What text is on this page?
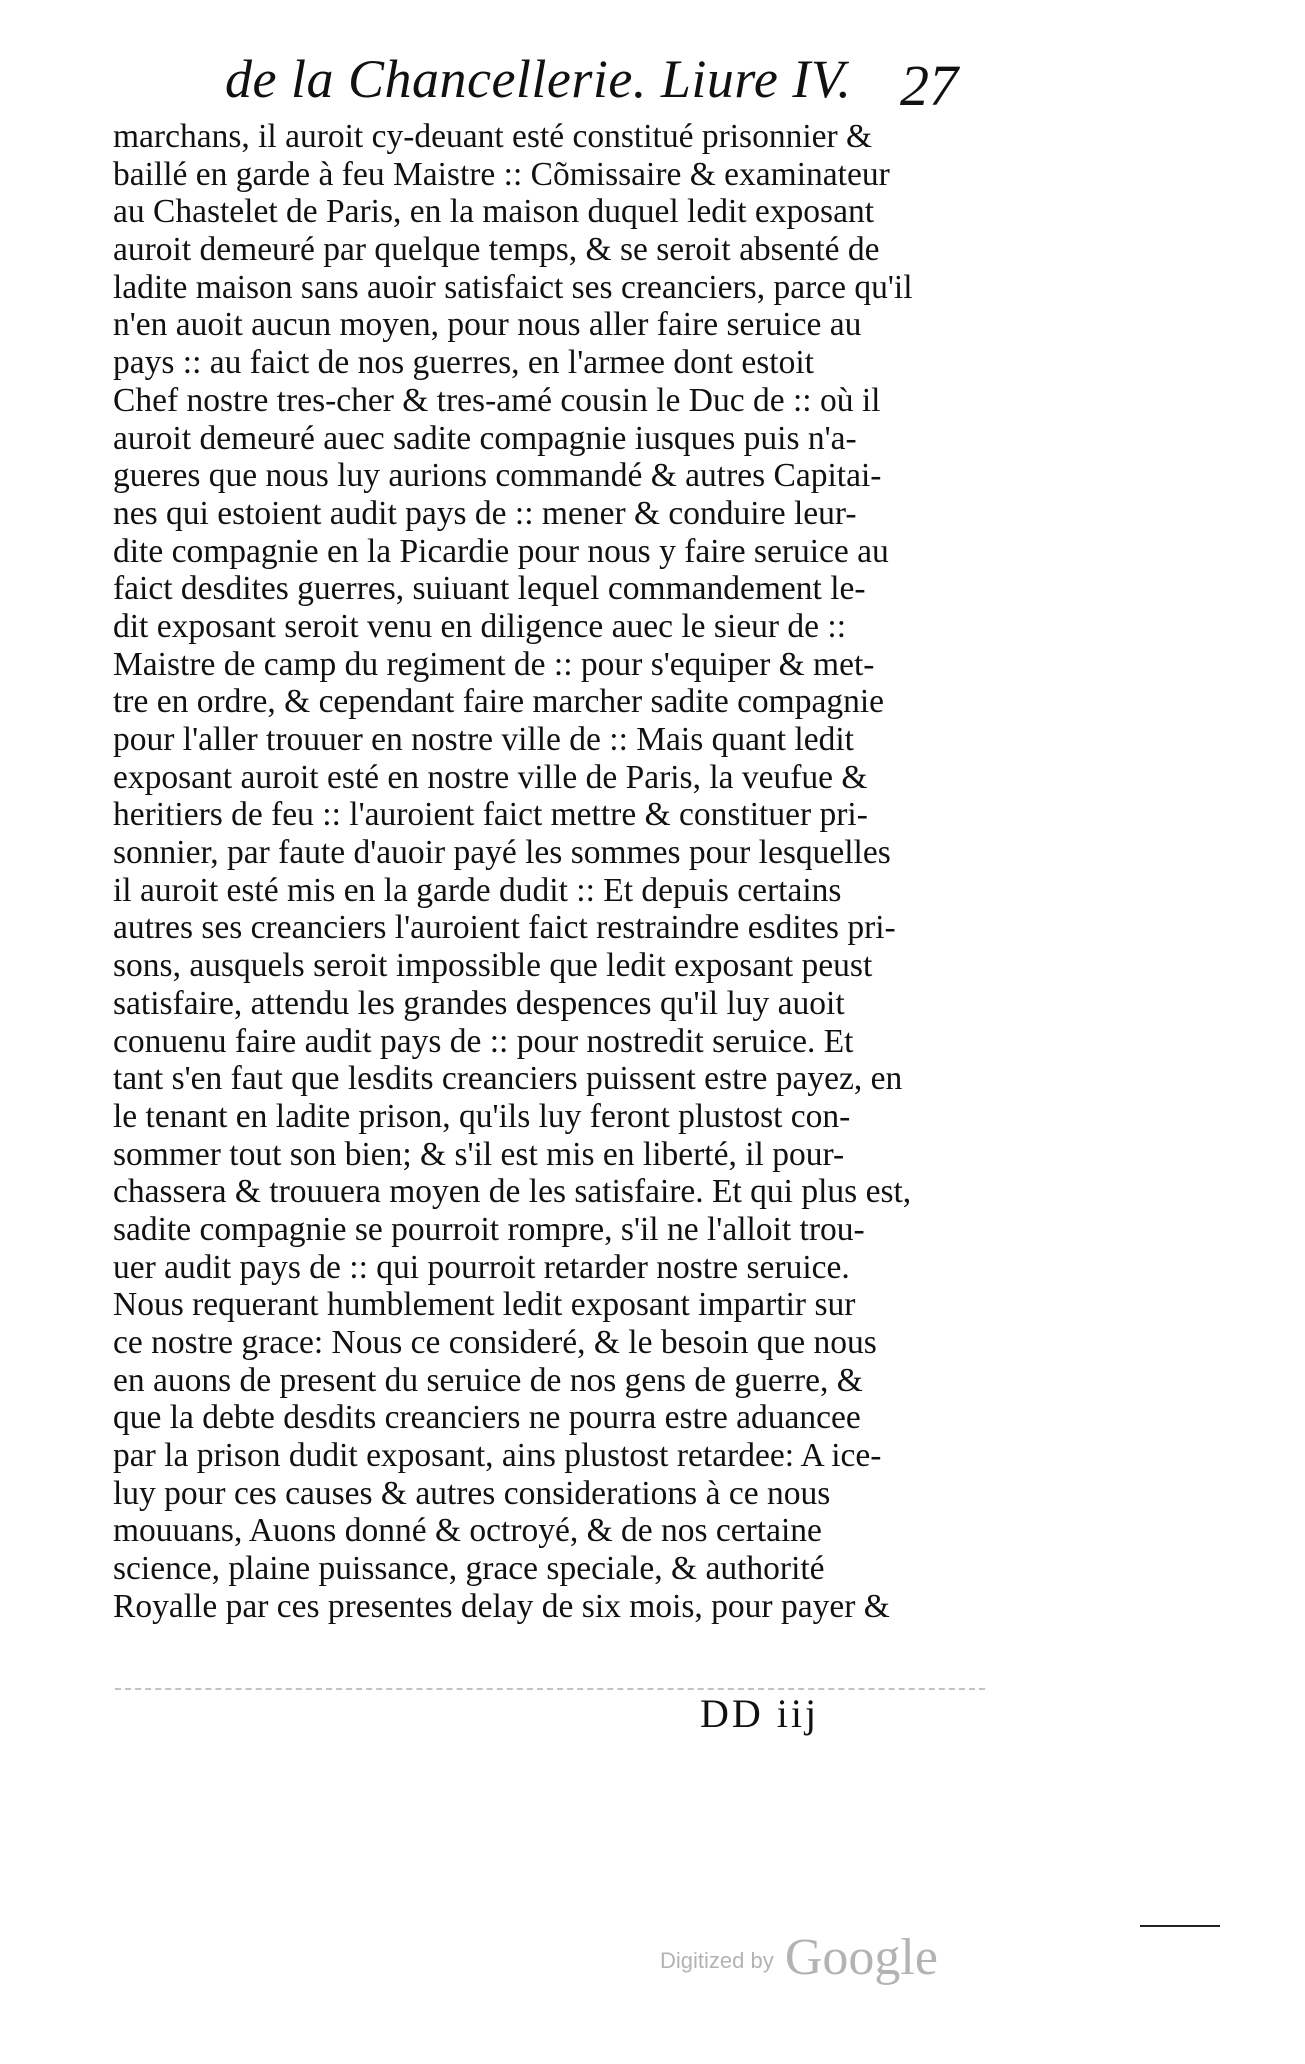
de la Chancellerie. Liure IV. 27
marchans, il auroit cy-deuant esté constitué prisonnier &
baillé en garde à feu Maistre :: Cõmissaire & examinateur
au Chastelet de Paris, en la maison duquel ledit exposant
auroit demeuré par quelque temps, & se seroit absenté de
ladite maison sans auoir satisfaict ses creanciers, parce qu'il
n'en auoit aucun moyen, pour nous aller faire seruice au
pays :: au faict de nos guerres, en l'armee dont estoit
Chef nostre tres-cher & tres-amé cousin le Duc de :: où il
auroit demeuré auec sadite compagnie iusques puis n'a-
gueres que nous luy aurions commandé & autres Capitai-
nes qui estoient audit pays de :: mener & conduire leur-
dite compagnie en la Picardie pour nous y faire seruice au
faict desdites guerres, suiuant lequel commandement le-
dit exposant seroit venu en diligence auec le sieur de ::
Maistre de camp du regiment de :: pour s'equiper & met-
tre en ordre, & cependant faire marcher sadite compagnie
pour l'aller trouuer en nostre ville de :: Mais quant ledit
exposant auroit esté en nostre ville de Paris, la veufue &
heritiers de feu :: l'auroient faict mettre & constituer pri-
sonnier, par faute d'auoir payé les sommes pour lesquelles
il auroit esté mis en la garde dudit :: Et depuis certains
autres ses creanciers l'auroient faict restraindre esdites pri-
sons, ausquels seroit impossible que ledit exposant peust
satisfaire, attendu les grandes despences qu'il luy auoit
conuenu faire audit pays de :: pour nostredit seruice. Et
tant s'en faut que lesdits creanciers puissent estre payez, en
le tenant en ladite prison, qu'ils luy feront plustost con-
sommer tout son bien; & s'il est mis en liberté, il pour-
chassera & trouuera moyen de les satisfaire. Et qui plus est,
sadite compagnie se pourroit rompre, s'il ne l'alloit trou-
uer audit pays de :: qui pourroit retarder nostre seruice.
Nous requerant humblement ledit exposant impartir sur
ce nostre grace: Nous ce consideré, & le besoin que nous
en auons de present du seruice de nos gens de guerre, &
que la debte desdits creanciers ne pourra estre aduancee
par la prison dudit exposant, ains plustost retardee: A ice-
luy pour ces causes & autres considerations à ce nous
mouuans, Auons donné & octroyé, & de nos certaine
science, plaine puissance, grace speciale, & authorité
Royalle par ces presentes delay de six mois, pour payer &
DD iij
Digitized by Google
